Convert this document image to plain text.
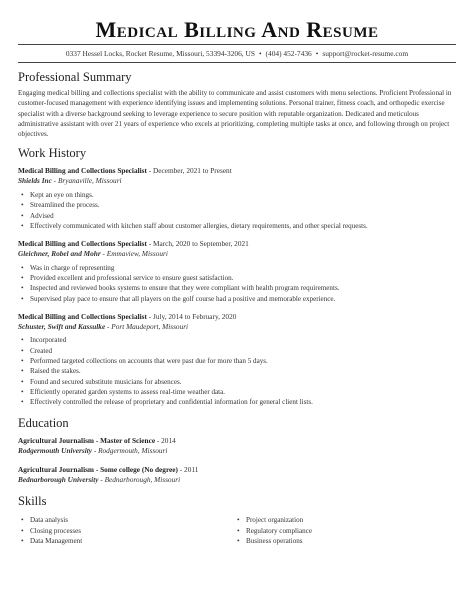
Medical Billing And Resume
0337 Hessel Locks, Rocket Resume, Missouri, 53394-3206, US • (404) 452-7436 • support@rocket-resume.com
Professional Summary
Engaging medical billing and collections specialist with the ability to communicate and assist customers with menu selections. Proficient Professional in customer-focused management with experience identifying issues and implementing solutions. Personal trainer, fitness coach, and orthopedic exercise specialist with a diverse background seeking to leverage experience to secure position with reputable organization. Dedicated and meticulous administrative assistant with over 21 years of experience who excels at prioritizing, completing multiple tasks at once, and following through on project objectives.
Work History
Medical Billing and Collections Specialist - December, 2021 to Present
Shields Inc - Bryanaville, Missouri
• Kept an eye on things.
• Streamlined the process.
• Advised
• Effectively communicated with kitchen staff about customer allergies, dietary requirements, and other special requests.
Medical Billing and Collections Specialist - March, 2020 to September, 2021
Gleichner, Robel and Mohr - Emmaview, Missouri
• Was in charge of representing
• Provided excellent and professional service to ensure guest satisfaction.
• Inspected and reviewed books systems to ensure that they were compliant with health program requirements.
• Supervised play pace to ensure that all players on the golf course had a positive and memorable experience.
Medical Billing and Collections Specialist - July, 2014 to February, 2020
Schuster, Swift and Kassulke - Port Maudeport, Missouri
• Incorporated
• Created
• Performed targeted collections on accounts that were past due for more than 5 days.
• Raised the stakes.
• Found and secured substitute musicians for absences.
• Efficiently operated garden systems to assess real-time weather data.
• Effectively controlled the release of proprietary and confidential information for general client lists.
Education
Agricultural Journalism - Master of Science - 2014
Rodgermouth University - Rodgermouth, Missouri
Agricultural Journalism - Some college (No degree) - 2011
Bednarborough University - Bednarborough, Missouri
Skills
• Data analysis
• Closing processes
• Data Management
• Project organization
• Regulatory compliance
• Business operations
